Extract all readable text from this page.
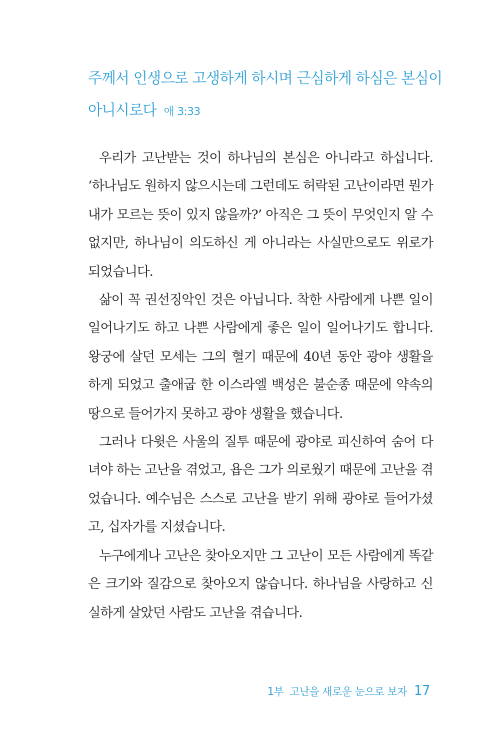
주께서 인생으로 고생하게 하시며 근심하게 하심은 본심이 아니시로다 애 3:33

우리가 고난받는 것이 하나님의 본심은 아니라고 하십니다. ‘하나님도 원하지 않으시는데 그런데도 허락된 고난이라면 뭔가 내가 모르는 뜻이 있지 않을까?’ 아직은 그 뜻이 무엇인지 알 수 없지만, 하나님이 의도하신 게 아니라는 사실만으로도 위로가 되었습니다.

삶이 꼭 권선징악인 것은 아닙니다. 착한 사람에게 나쁜 일이 일어나기도 하고 나쁜 사람에게 좋은 일이 일어나기도 합니다. 왕궁에 살던 모세는 그의 혈기 때문에 40년 동안 광야 생활을 하게 되었고 출애굽 한 이스라엘 백성은 불순종 때문에 약속의 땅으로 들어가지 못하고 광야 생활을 했습니다.

그러나 다윗은 사울의 질투 때문에 광야로 피신하여 숨어 다녀야 하는 고난을 겪었고, 욥은 그가 의로웠기 때문에 고난을 겪었습니다. 예수님은 스스로 고난을 받기 위해 광야로 들어가셨고, 십자가를 지셨습니다.

누구에게나 고난은 찾아오지만 그 고난이 모든 사람에게 똑같은 크기와 질감으로 찾아오지 않습니다. 하나님을 사랑하고 신실하게 살았던 사람도 고난을 겪습니다.

1부 고난을 새로운 눈으로 보자 17
